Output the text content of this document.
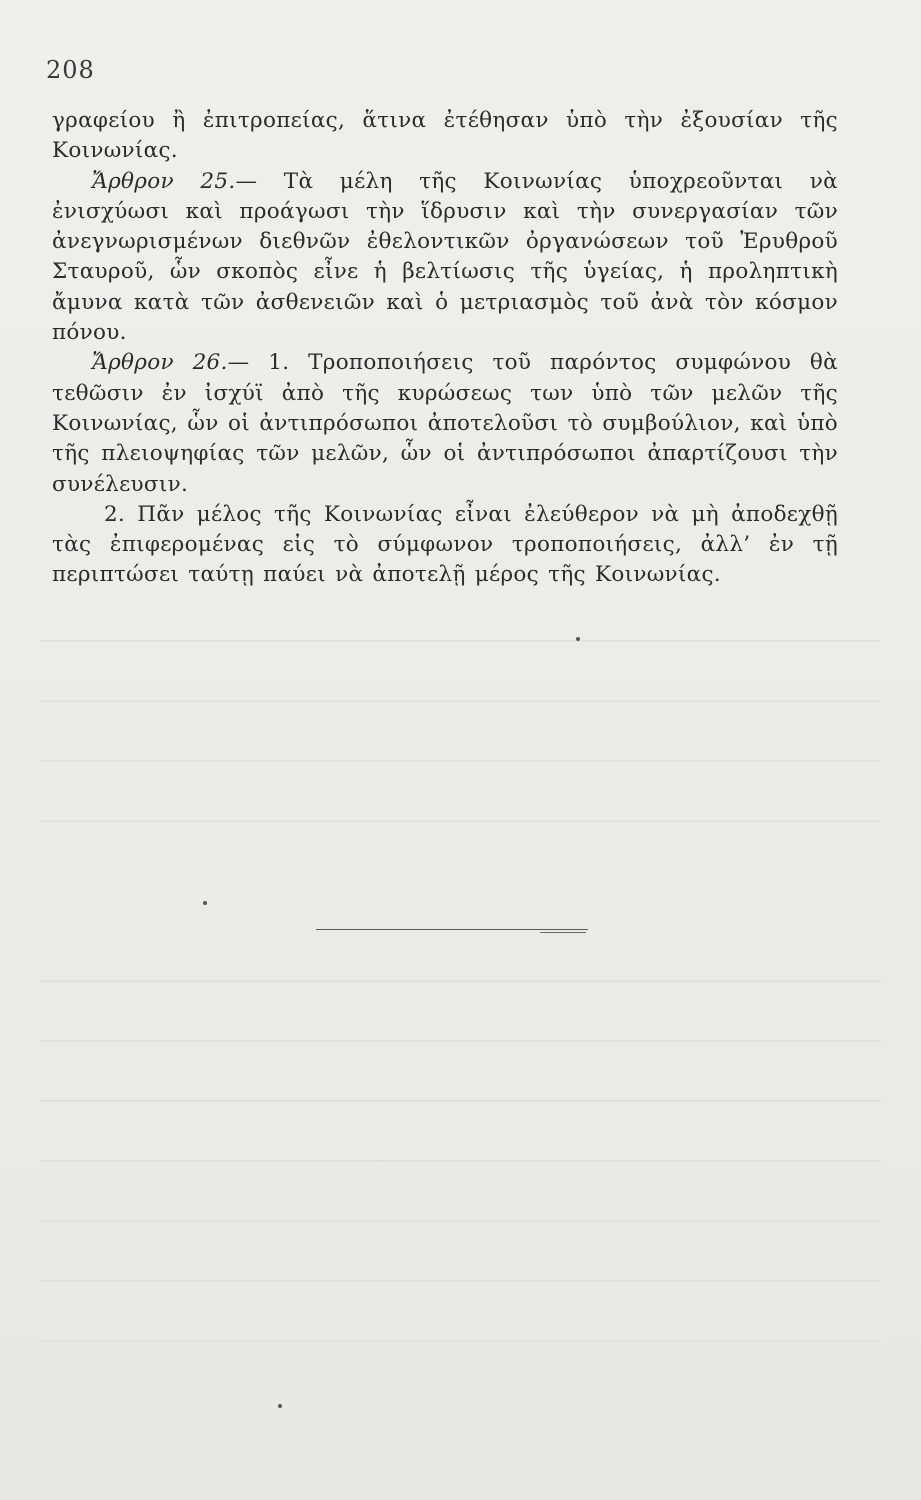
208

γραφείου ἢ ἐπιτροπείας, ἅτινα ἐτέθησαν ὑπὸ τὴν ἐξουσίαν τῆς Κοινωνίας.

Ἄρθρον 25.— Τὰ μέλη τῆς Κοινωνίας ὑποχρεοῦνται νὰ ἐνισχύωσι καὶ προάγωσι τὴν ἵδρυσιν καὶ τὴν συνεργασίαν τῶν ἀνεγνωρισμένων διεθνῶν ἐθελοντικῶν ὀργανώσεων τοῦ Ἐρυθροῦ Σταυροῦ, ὧν σκοπὸς εἶνε ἡ βελτίωσις τῆς ὑγείας, ἡ προληπτικὴ ἄμυνα κατὰ τῶν ἀσθενειῶν καὶ ὁ μετριασμὸς τοῦ ἀνὰ τὸν κόσμον πόνου.

Ἄρθρον 26.— 1. Τροποποιήσεις τοῦ παρόντος συμφώνου θὰ τεθῶσιν ἐν ἰσχύϊ ἀπὸ τῆς κυρώσεως των ὑπὸ τῶν μελῶν τῆς Κοινωνίας, ὧν οἱ ἀντιπρόσωποι ἀποτελοῦσι τὸ συμβούλιον, καὶ ὑπὸ τῆς πλειοψηφίας τῶν μελῶν, ὧν οἱ ἀντιπρόσωποι ἀπαρτίζουσι τὴν συνέλευσιν.

2. Πᾶν μέλος τῆς Κοινωνίας εἶναι ἐλεύθερον νὰ μὴ ἀποδεχθῇ τὰς ἐπιφερομένας εἰς τὸ σύμφωνον τροποποιήσεις, ἀλλ’ ἐν τῇ περιπτώσει ταύτῃ παύει νὰ ἀποτελῇ μέρος τῆς Κοινωνίας.
